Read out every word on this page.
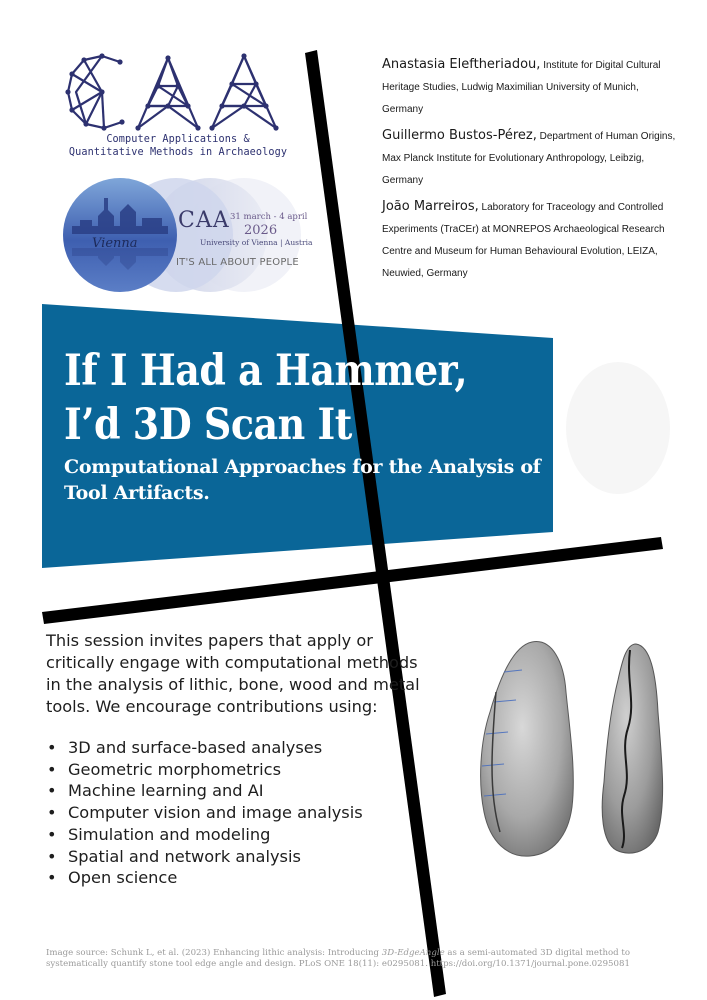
Computer Applications &
Quantitative Methods in Archaeology
Vienna
CAA 31 march - 4 april
2026
University of Vienna | Austria
IT'S ALL ABOUT PEOPLE
Anastasia Eleftheriadou, Institute for Digital Cultural Heritage Studies, Ludwig Maximilian University of Munich, Germany
Guillermo Bustos-Pérez, Department of Human Origins, Max Planck Institute for Evolutionary Anthropology, Leibzig, Germany
João Marreiros, Laboratory for Traceology and Controlled Experiments (TraCEr) at MONREPOS Archaeological Research Centre and Museum for Human Behavioural Evolution, LEIZA, Neuwied, Germany
If I Had a Hammer,
I’d 3D Scan It
Computational Approaches for the Analysis of Tool Artifacts.
This session invites papers that apply or critically engage with computational methods in the analysis of lithic, bone, wood and metal tools. We encourage contributions using:
• 3D and surface-based analyses
• Geometric morphometrics
• Machine learning and AI
• Computer vision and image analysis
• Simulation and modeling
• Spatial and network analysis
• Open science
Image source: Schunk L, et al. (2023) Enhancing lithic analysis: Introducing 3D-EdgeAngle as a semi-automated 3D digital method to systematically quantify stone tool edge angle and design. PLoS ONE 18(11): e0295081. https://doi.org/10.1371/journal.pone.0295081
